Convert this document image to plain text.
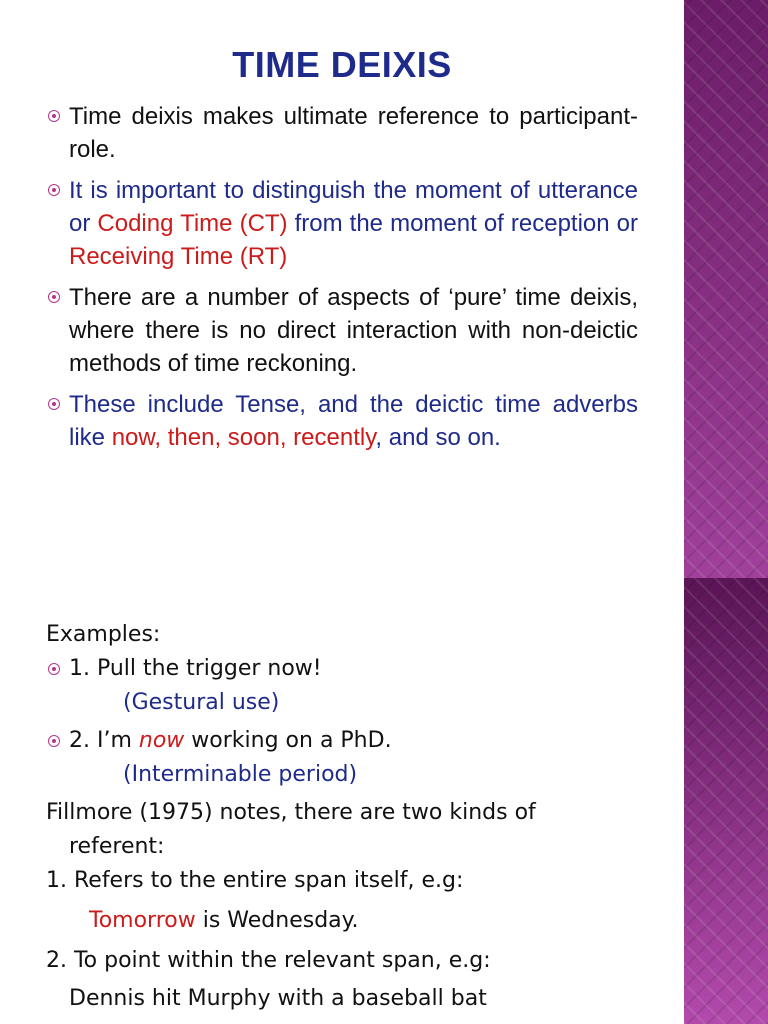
TIME DEIXIS
Time deixis makes ultimate reference to participant-role.
It is important to distinguish the moment of utterance or Coding Time (CT) from the moment of reception or Receiving Time (RT)
There are a number of aspects of ‘pure’ time deixis, where there is no direct interaction with non-deictic methods of time reckoning.
These include Tense, and the deictic time adverbs like now, then, soon, recently, and so on.
Examples:
1. Pull the trigger now!
(Gestural use)
2. I’m now working on a PhD.
(Interminable period)
Fillmore (1975) notes, there are two kinds of
referent:
1. Refers to the entire span itself, e.g:
Tomorrow is Wednesday.
2. To point within the relevant span, e.g:
Dennis hit Murphy with a baseball bat
